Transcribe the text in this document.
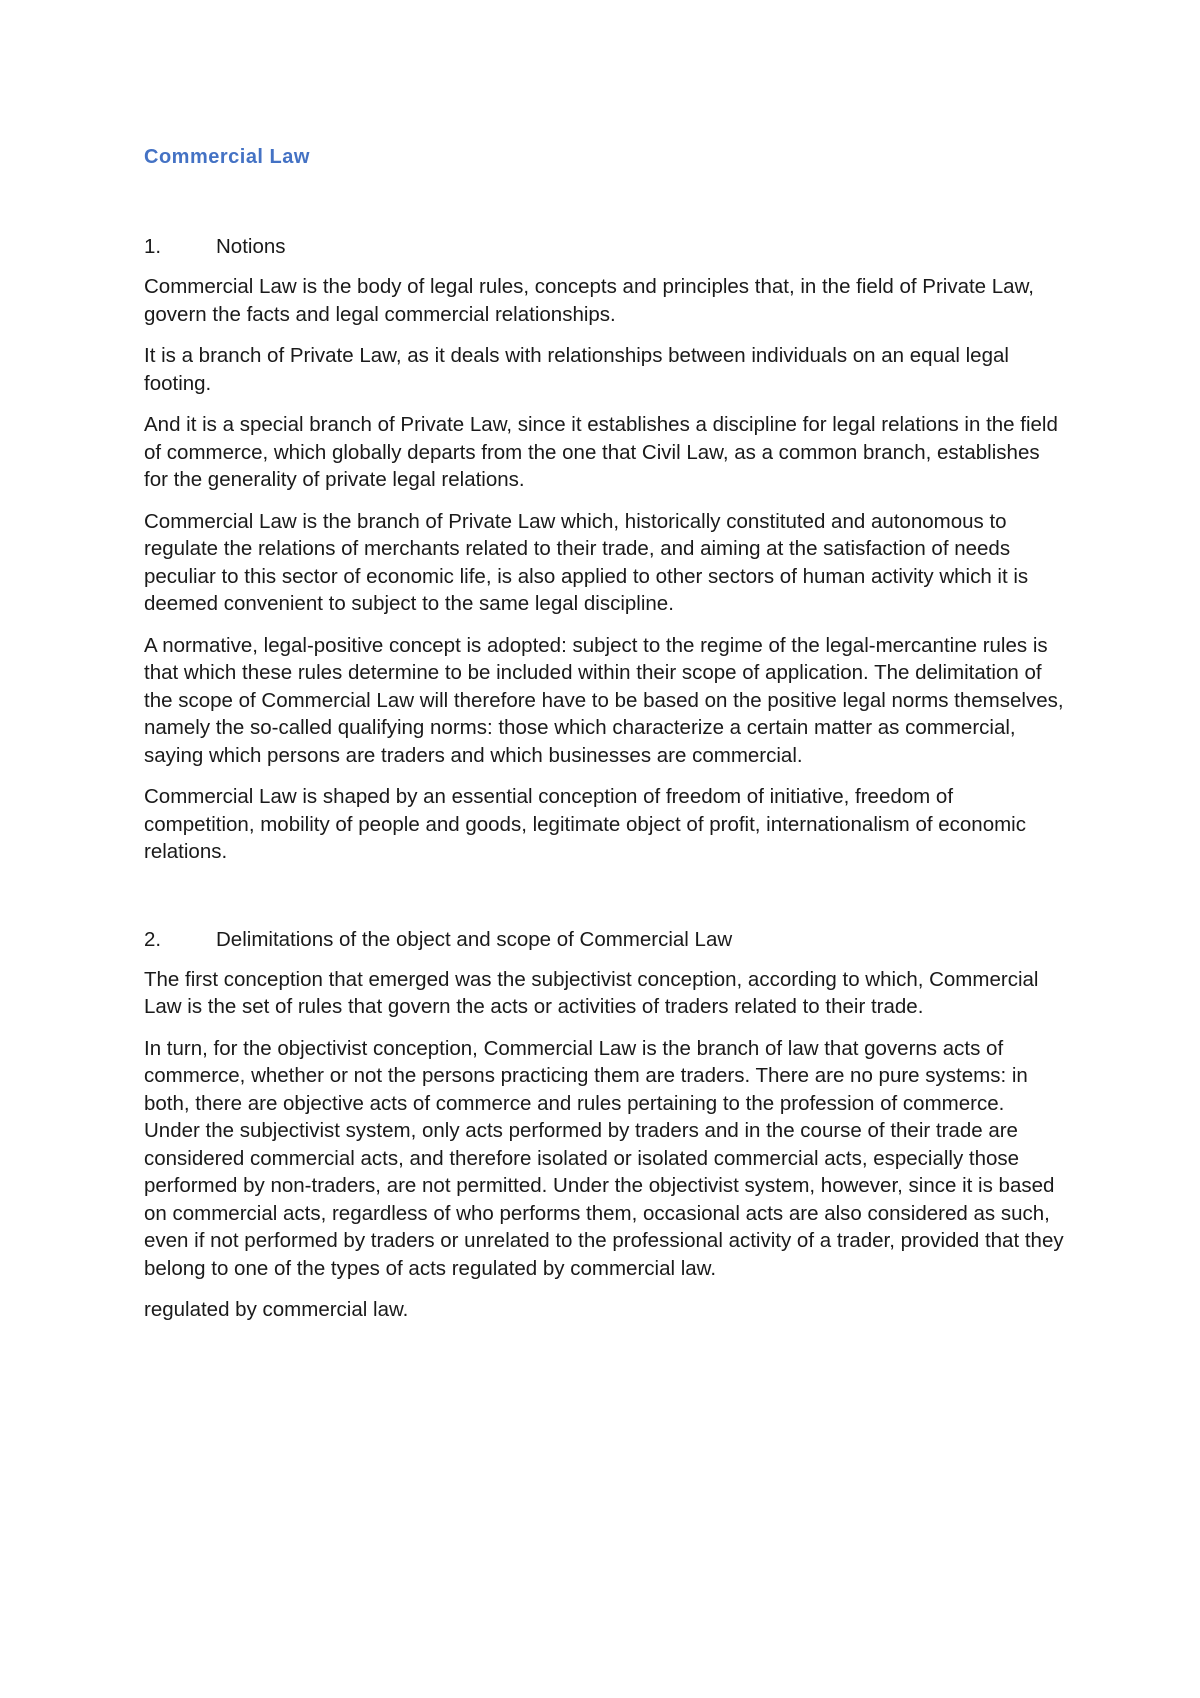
Commercial Law
1.	Notions

Commercial Law is the body of legal rules, concepts and principles that, in the field of Private Law, govern the facts and legal commercial relationships.

It is a branch of Private Law, as it deals with relationships between individuals on an equal legal footing.

And it is a special branch of Private Law, since it establishes a discipline for legal relations in the field of commerce, which globally departs from the one that Civil Law, as a common branch, establishes for the generality of private legal relations.

Commercial Law is the branch of Private Law which, historically constituted and autonomous to regulate the relations of merchants related to their trade, and aiming at the satisfaction of needs peculiar to this sector of economic life, is also applied to other sectors of human activity which it is deemed convenient to subject to the same legal discipline.

A normative, legal-positive concept is adopted: subject to the regime of the legal-mercantine rules is that which these rules determine to be included within their scope of application. The delimitation of the scope of Commercial Law will therefore have to be based on the positive legal norms themselves, namely the so-called qualifying norms: those which characterize a certain matter as commercial, saying which persons are traders and which businesses are commercial.

Commercial Law is shaped by an essential conception of freedom of initiative, freedom of competition, mobility of people and goods, legitimate object of profit, internationalism of economic relations.

2.	Delimitations of the object and scope of Commercial Law

The first conception that emerged was the subjectivist conception, according to which, Commercial Law is the set of rules that govern the acts or activities of traders related to their trade.

In turn, for the objectivist conception, Commercial Law is the branch of law that governs acts of commerce, whether or not the persons practicing them are traders. There are no pure systems: in both, there are objective acts of commerce and rules pertaining to the profession of commerce. Under the subjectivist system, only acts performed by traders and in the course of their trade are considered commercial acts, and therefore isolated or isolated commercial acts, especially those performed by non-traders, are not permitted. Under the objectivist system, however, since it is based on commercial acts, regardless of who performs them, occasional acts are also considered as such, even if not performed by traders or unrelated to the professional activity of a trader, provided that they belong to one of the types of acts regulated by commercial law.

regulated by commercial law.
